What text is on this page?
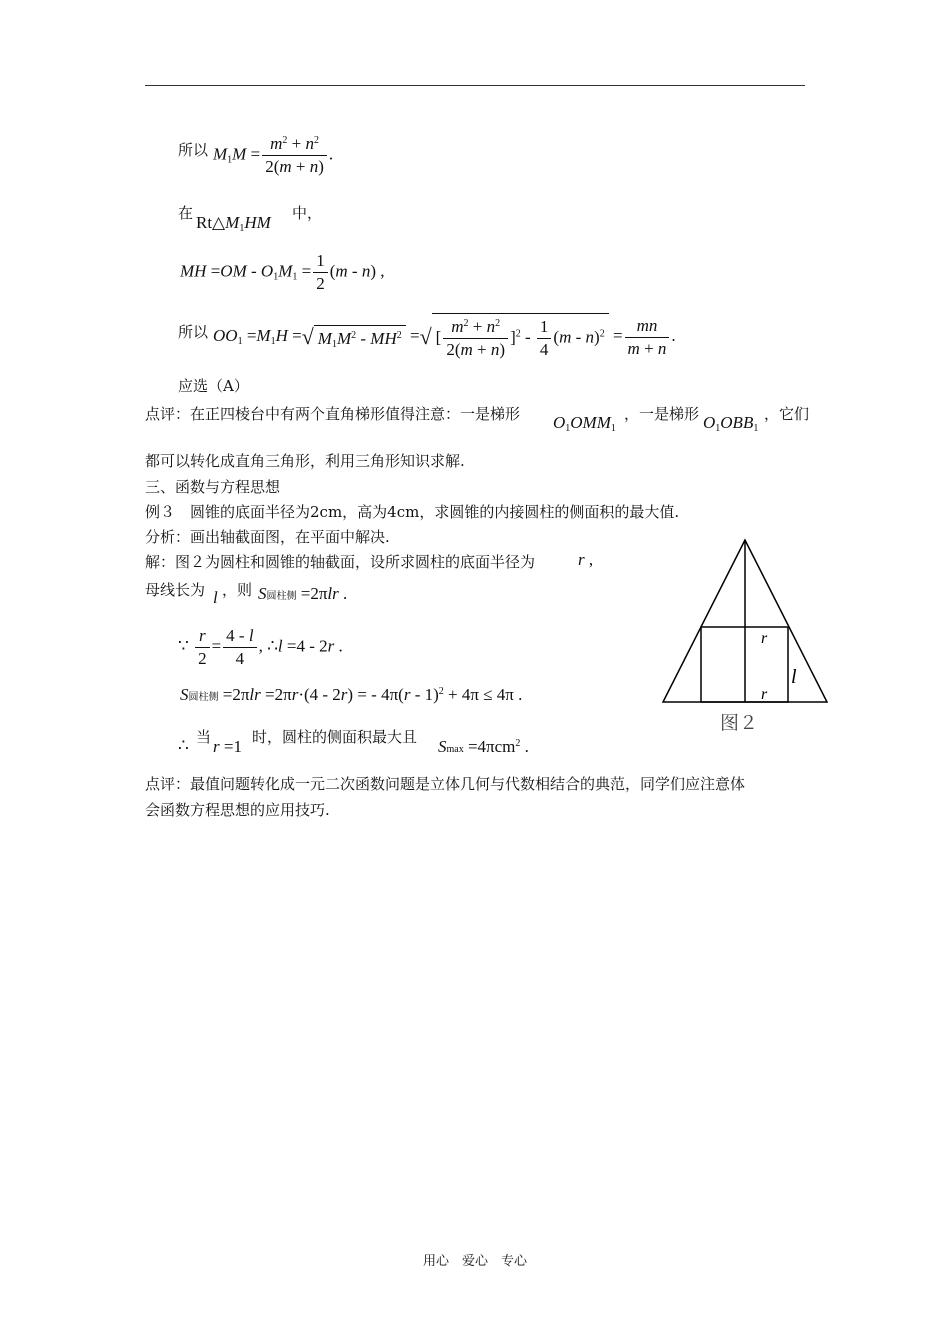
所以 $M_1M = \frac{m^2 + n^2}{2(m + n)}$ .
在 $Rt\triangle M_1HM$ 中，
MH $=OM - O_1M_1 = \frac{1}{2} (m - n)$ ,
所以 $OO_1 =M_1H$ =√ $M_1M^2 - MH^2$ =√ [ $\frac{m^2 + n^2}{2(m + n)} ]^2 - \frac{1}{4} (m - n)^2 = \frac{mn}{m + n}$ .
应选（A）
点评：在正四棱台中有两个直角梯形值得注意：一是梯形 $O_1OMM_1$
，一是梯形 $O_1OBB_1$
，它们
都可以转化成直角三角形，利用三角形知识求解.
三、函数与方程思想
例３　圆锥的底面半径为2cm，高为4cm，求圆锥的内接圆柱的侧面积的最大值.
分析：画出轴截面图，在平面中解决.
解：图２为圆柱和圆锥的轴截面，设所求圆柱的底面半径为	r ,
母线长为 l ，则 S圆柱侧 =2πlr .
∵ $\frac{r}{2} = \frac{4 - l}{4}$ , ∴l =4 - 2r .
S圆柱侧 =2πlr =2πr·(4 - 2r) = - 4π(r - 1)$^2$ + 4π ≤ 4π .
∴ 当 r =1 时，圆柱的侧面积最大且 Smax =4πcm$^2$ .
点评：最值问题转化成一元二次函数问题是立体几何与代数相结合的典范，同学们应注意体
会函数方程思想的应用技巧.
r
r
l
图２
用心　爱心　专心
